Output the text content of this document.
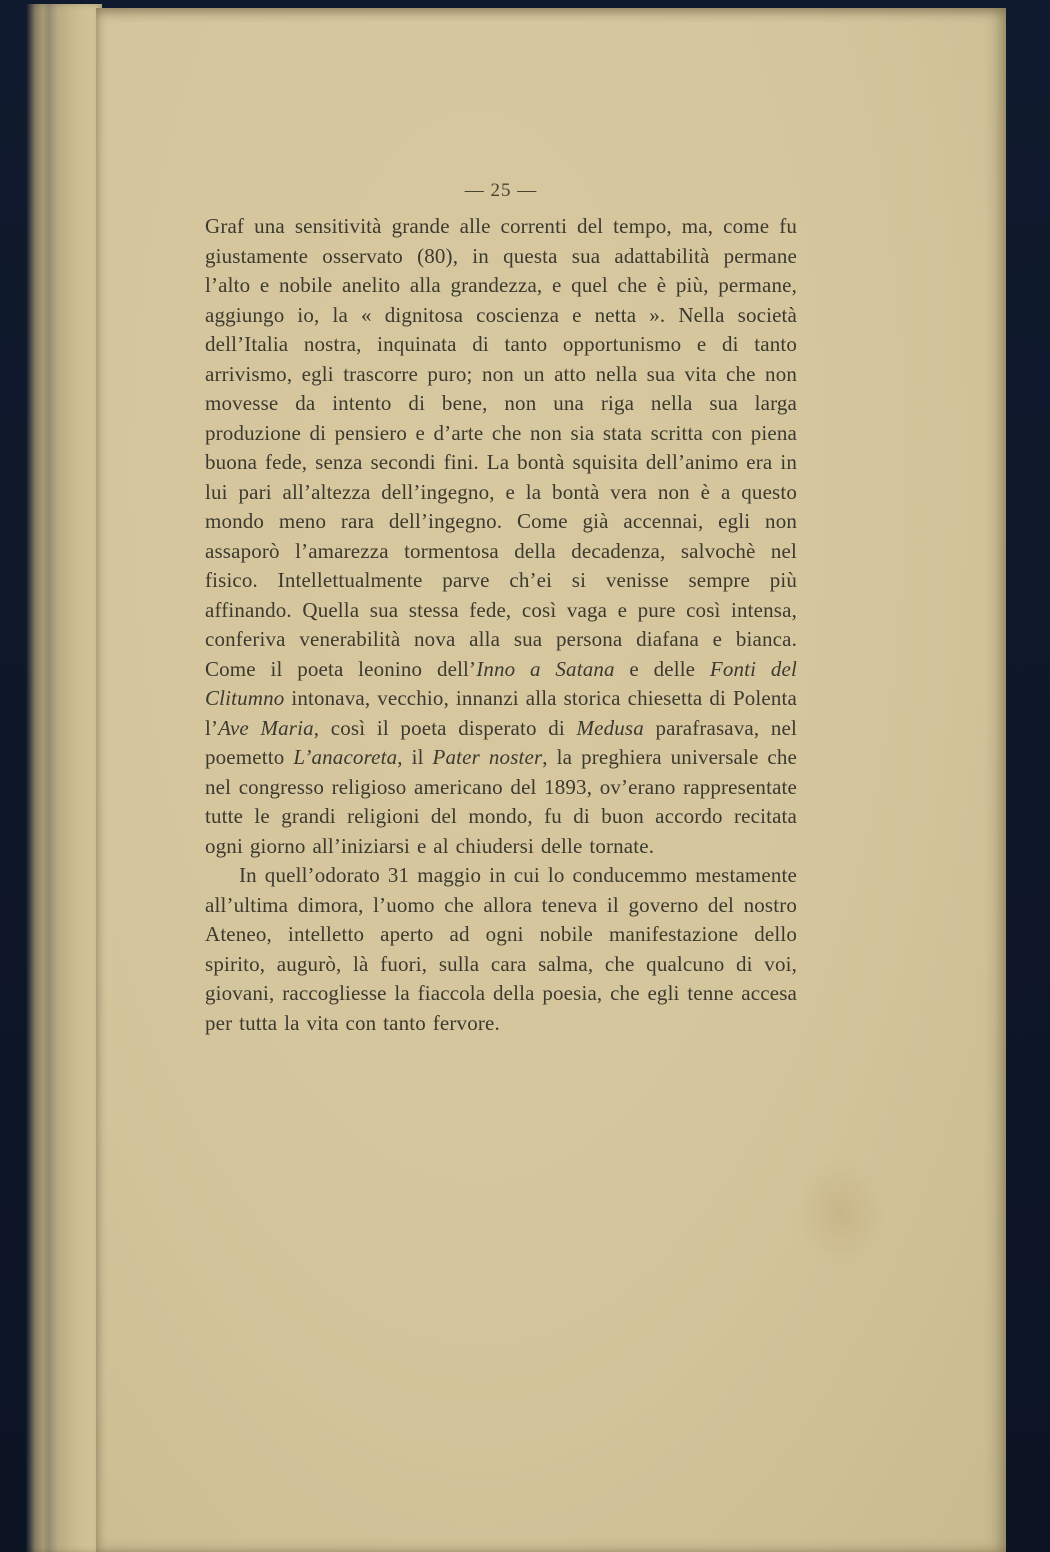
— 25 —

Graf una sensitività grande alle correnti del tempo, ma, come fu giustamente osservato (80), in questa sua adattabilità permane l’alto e nobile anelito alla grandezza, e quel che è più, permane, aggiungo io, la « dignitosa coscienza e netta ». Nella società dell’Italia nostra, inquinata di tanto opportunismo e di tanto arrivismo, egli trascorre puro; non un atto nella sua vita che non movesse da intento di bene, non una riga nella sua larga produzione di pensiero e d’arte che non sia stata scritta con piena buona fede, senza secondi fini. La bontà squisita dell’animo era in lui pari all’altezza dell’ingegno, e la bontà vera non è a questo mondo meno rara dell’ingegno. Come già accennai, egli non assaporò l’amarezza tormentosa della decadenza, salvochè nel fisico. Intellettualmente parve ch’ei si venisse sempre più affinando. Quella sua stessa fede, così vaga e pure così intensa, conferiva venerabilità nova alla sua persona diafana e bianca. Come il poeta leonino dell’Inno a Satana e delle Fonti del Clitumno intonava, vecchio, innanzi alla storica chiesetta di Polenta l’Ave Maria, così il poeta disperato di Medusa parafrasava, nel poemetto L’anacoreta, il Pater noster, la preghiera universale che nel congresso religioso americano del 1893, ov’erano rappresentate tutte le grandi religioni del mondo, fu di buon accordo recitata ogni giorno all’iniziarsi e al chiudersi delle tornate.

In quell’odorato 31 maggio in cui lo conducemmo mestamente all’ultima dimora, l’uomo che allora teneva il governo del nostro Ateneo, intelletto aperto ad ogni nobile manifestazione dello spirito, augurò, là fuori, sulla cara salma, che qualcuno di voi, giovani, raccogliesse la fiaccola della poesia, che egli tenne accesa per tutta la vita con tanto fervore.
